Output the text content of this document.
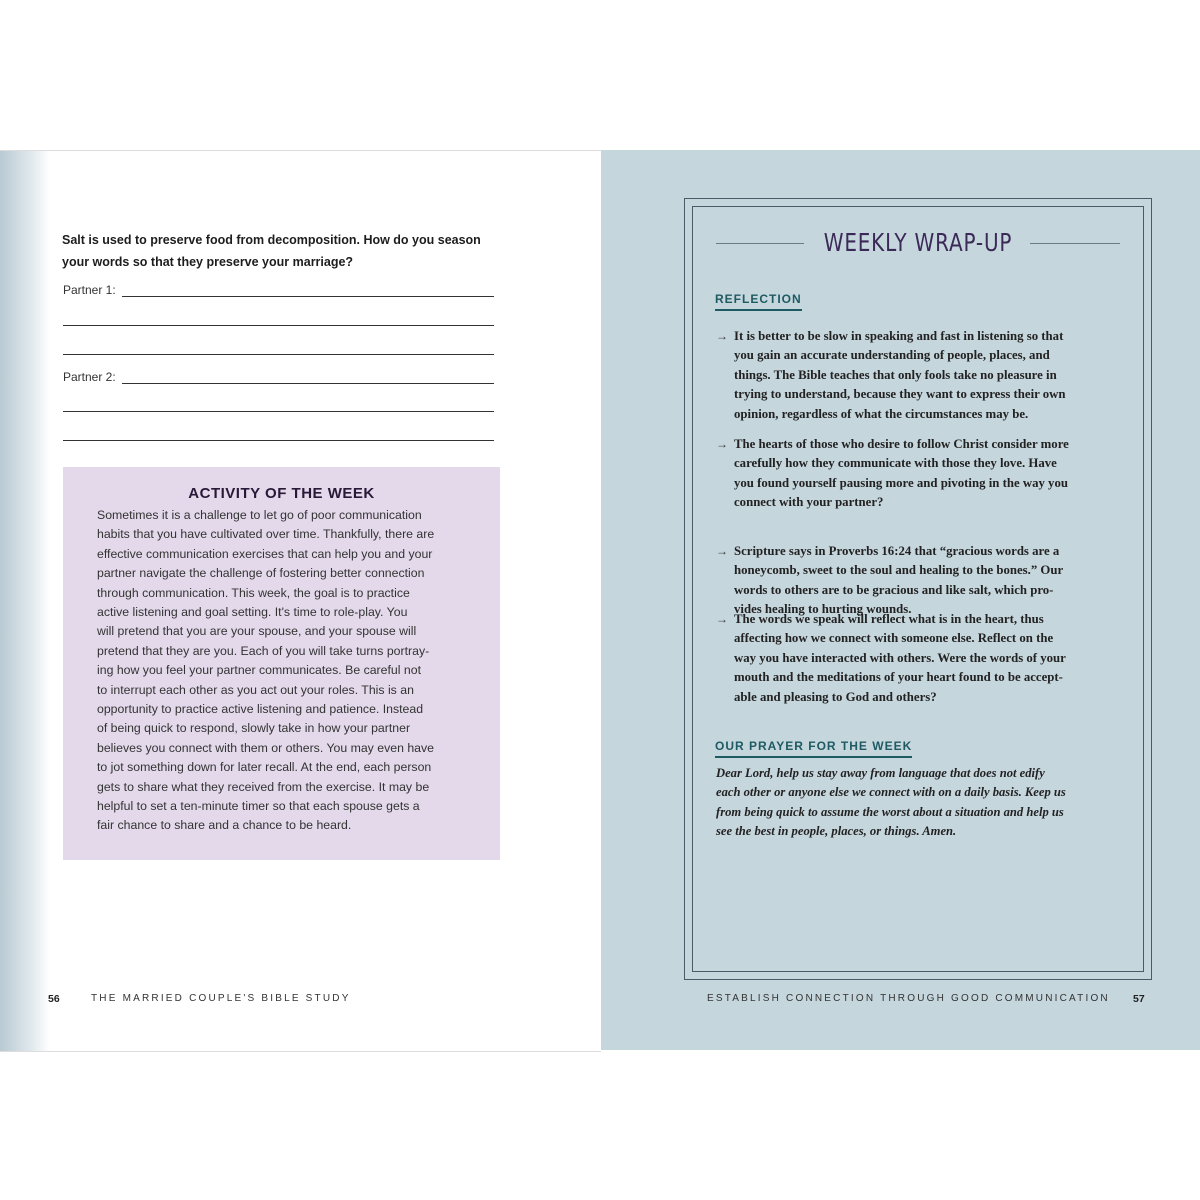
Salt is used to preserve food from decomposition. How do you season
your words so that they preserve your marriage?
Partner 1:
Partner 2:
ACTIVITY OF THE WEEK
Sometimes it is a challenge to let go of poor communication
habits that you have cultivated over time. Thankfully, there are
effective communication exercises that can help you and your
partner navigate the challenge of fostering better connection
through communication. This week, the goal is to practice
active listening and goal setting. It's time to role-play. You
will pretend that you are your spouse, and your spouse will
pretend that they are you. Each of you will take turns portray-
ing how you feel your partner communicates. Be careful not
to interrupt each other as you act out your roles. This is an
opportunity to practice active listening and patience. Instead
of being quick to respond, slowly take in how your partner
believes you connect with them or others. You may even have
to jot something down for later recall. At the end, each person
gets to share what they received from the exercise. It may be
helpful to set a ten-minute timer so that each spouse gets a
fair chance to share and a chance to be heard.
56	THE MARRIED COUPLE'S BIBLE STUDY
WEEKLY WRAP-UP
REFLECTION
→ It is better to be slow in speaking and fast in listening so that
you gain an accurate understanding of people, places, and
things. The Bible teaches that only fools take no pleasure in
trying to understand, because they want to express their own
opinion, regardless of what the circumstances may be.
→ The hearts of those who desire to follow Christ consider more
carefully how they communicate with those they love. Have
you found yourself pausing more and pivoting in the way you
connect with your partner?
→ Scripture says in Proverbs 16:24 that “gracious words are a
honeycomb, sweet to the soul and healing to the bones.” Our
words to others are to be gracious and like salt, which pro-
vides healing to hurting wounds.
→ The words we speak will reflect what is in the heart, thus
affecting how we connect with someone else. Reflect on the
way you have interacted with others. Were the words of your
mouth and the meditations of your heart found to be accept-
able and pleasing to God and others?
OUR PRAYER FOR THE WEEK
Dear Lord, help us stay away from language that does not edify
each other or anyone else we connect with on a daily basis. Keep us
from being quick to assume the worst about a situation and help us
see the best in people, places, or things. Amen.
ESTABLISH CONNECTION THROUGH GOOD COMMUNICATION 57
